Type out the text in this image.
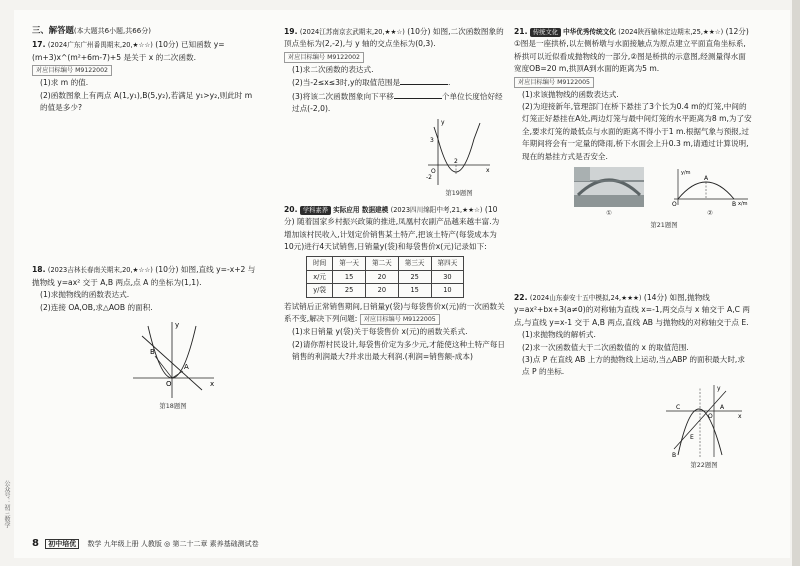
三、解答题(本大题共6小题,共66分)
17. (2024广东广州番禺期末,20,★☆☆) (10分) 已知函数 y=(m+3)x^(m²+6m-7)+5 是关于 x 的二次函数.
对应目标编号 M9122002
(1)求 m 的值.
(2)函数图象上有两点 A(1,y₁),B(5,y₂),若满足 y₁>y₂,则此时 m 的值是多少?
18. (2023吉林长春南关期末,20,★☆☆) (10分) 如图,直线 y=-x+2 与抛物线 y=ax² 交于 A,B 两点,点 A 的坐标为(1,1).
(1)求抛物线的函数表达式.
(2)连接 OA,OB,求△AOB 的面积.
B
A
O	x
y
第18题图
19. (2024江苏南京玄武期末,20,★★☆) (10分) 如图,二次函数图象的顶点坐标为(2,-2),与 y 轴的交点坐标为(0,3).
对应目标编号 M9122002
(1)求二次函数的表达式.
(2)当-2≤x≤3时,y的取值范围是	.
(3)将该二次函数图象向下平移	个单位长度恰好经过点(-2,0).
3
O
2
-2
x
y
第19题图
20. 学科素养 实际应用 数据建模 (2023四川绵阳中考,21,★★☆) (10分) 随着国家乡村振兴政策的推进,凤凰村农副产品越来越丰富.为增加该村民收入,计划定价销售某土特产,把该土特产(每袋成本为10元)进行4天试销售,日销量y(袋)和每袋售价x(元)记录如下:
时间	第一天	第二天	第三天	第四天
x/元	15	20	25	30
y/袋	25	20	15	10
若试销后正常销售期间,日销量y(袋)与每袋售价x(元)的一次函数关系不变,解决下列问题: 对应目标编号 M9122005
(1)求日销量 y(袋)关于每袋售价 x(元)的函数关系式.
(2)请你帮村民设计,每袋售价定为多少元,才能使这种土特产每日销售的利润最大?并求出最大利润.(利润=销售额-成本)
21. 传统文化 中华优秀传统文化 (2024陕西榆林定边期末,25,★★☆) (12分) ①图是一座拱桥,以左侧桥墩与水面接触点为原点建立平面直角坐标系,桥拱可以近似看成抛物线的一部分,②图是桥拱的示意图,经测量得水面宽度OB=20 m,拱顶A到水面的距离为5 m.
对应目标编号 M9122005
(1)求该抛物线的函数表达式.
(2)为迎接新年,管理部门在桥下悬挂了3个长为0.4 m的灯笼,中间的灯笼正好悬挂在A处,两边灯笼与最中间灯笼的水平距离为8 m,为了安全,要求灯笼的最低点与水面的距离不得小于1 m.根据气象与预报,过年期间将会有一定量的降雨,桥下水面会上升0.3 m,请通过计算说明,现在的悬挂方式是否安全.
①
A
O	B x/m
y/m
②
第21题图
22. (2024山东泰安十五中模拟,24,★★★) (14分) 如图,抛物线 y=ax²+bx+3(a≠0)的对称轴为直线 x=-1,两交点与 x 轴交于 A,C 两点,与直线 y=x-1 交于 A,B 两点,直线 AB 与抛物线的对称轴交于点 E.
(1)求抛物线的解析式.
(2)求一次函数值大于二次函数值的 x 的取值范围.
(3)点 P 在直线 AB 上方的抛物线上运动,当△ABP 的面积最大时,求点 P 的坐标.
C	A
E
B
O	x
y
第22题图
8 初中培优 数学 九年级上册 人教版 ◎ 第二十二章 素养基础测试卷
公众号：初三数学
